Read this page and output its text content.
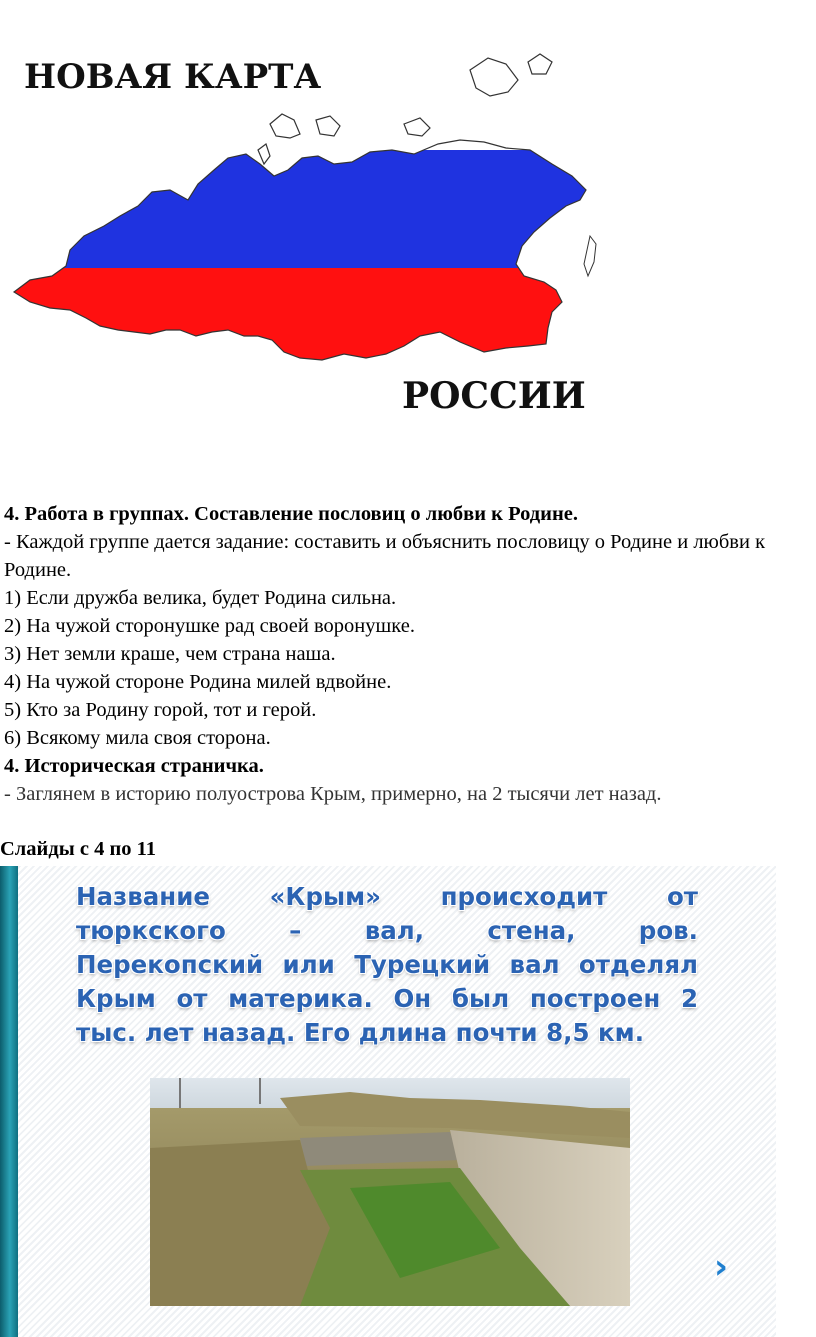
НОВАЯ КАРТА
РОССИИ

4. Работа в группах. Составление пословиц о любви к Родине.

- Каждой группе дается задание: составить и объяснить пословицу о Родине и любви к Родине.

1) Если дружба велика, будет Родина сильна.

2) На чужой сторонушке рад своей воронушке.

3) Нет земли краше, чем страна наша.

4) На чужой стороне Родина милей вдвойне.

5) Кто за Родину горой, тот и герой.

6) Всякому мила своя сторона.

4. Историческая страничка.

- Заглянем в историю полуострова Крым, примерно, на 2 тысячи лет назад.

Слайды с 4 по 11

Название «Крым» происходит от
тюркского – вал, стена, ров.
Перекопский или Турецкий вал отделял
Крым от материка. Он был построен 2
тыс. лет назад. Его длина почти 8,5 км.

›
